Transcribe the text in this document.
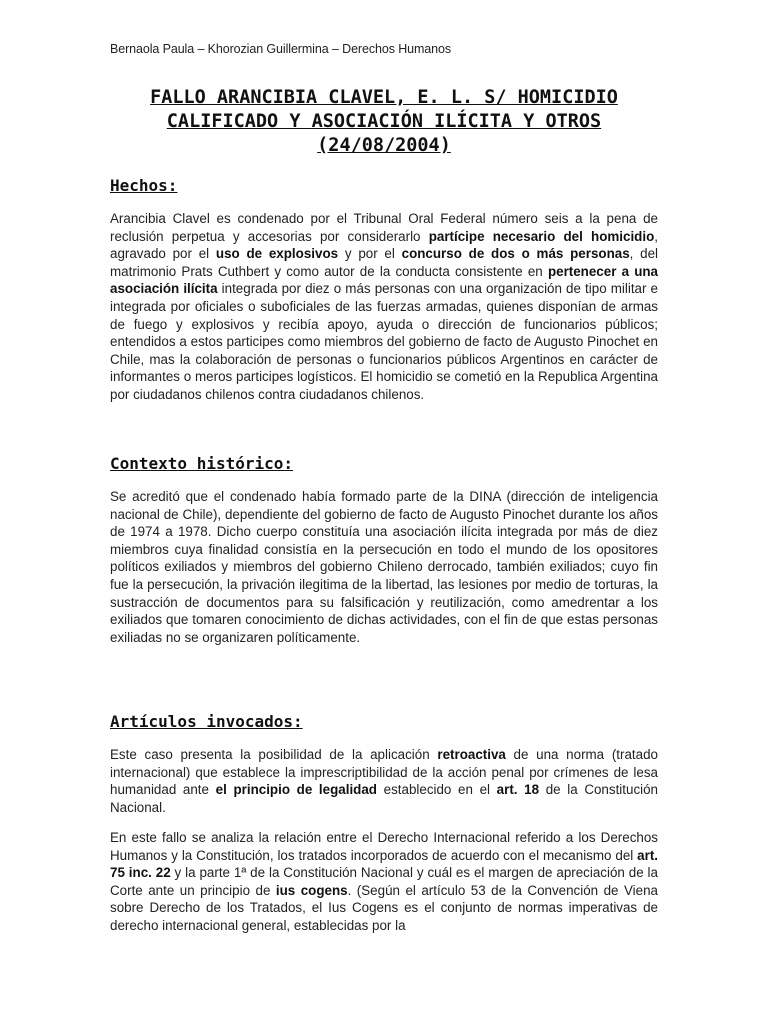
Bernaola Paula – Khorozian Guillermina – Derechos Humanos
FALLO ARANCIBIA CLAVEL, E. L. S/ HOMICIDIO CALIFICADO Y ASOCIACIÓN ILÍCITA Y OTROS (24/08/2004)
Hechos:

Arancibia Clavel es condenado por el Tribunal Oral Federal número seis a la pena de reclusión perpetua y accesorias por considerarlo partícipe necesario del homicidio, agravado por el uso de explosivos y por el concurso de dos o más personas, del matrimonio Prats Cuthbert y como autor de la conducta consistente en pertenecer a una asociación ilícita integrada por diez o más personas con una organización de tipo militar e integrada por oficiales o suboficiales de las fuerzas armadas, quienes disponían de armas de fuego y explosivos y recibía apoyo, ayuda o dirección de funcionarios públicos; entendidos a estos participes como miembros del gobierno de facto de Augusto Pinochet en Chile, mas la colaboración de personas o funcionarios públicos Argentinos en carácter de informantes o meros participes logísticos. El homicidio se cometió en la Republica Argentina por ciudadanos chilenos contra ciudadanos chilenos.

Contexto histórico:

Se acreditó que el condenado había formado parte de la DINA (dirección de inteligencia nacional de Chile), dependiente del gobierno de facto de Augusto Pinochet durante los años de 1974 a 1978. Dicho cuerpo constituía una asociación ilícita integrada por más de diez miembros cuya finalidad consistía en la persecución en todo el mundo de los opositores políticos exiliados y miembros del gobierno Chileno derrocado, también exiliados; cuyo fin fue la persecución, la privación ilegitima de la libertad, las lesiones por medio de torturas, la sustracción de documentos para su falsificación y reutilización, como amedrentar a los exiliados que tomaren conocimiento de dichas actividades, con el fin de que estas personas exiliadas no se organizaren políticamente.

Artículos invocados:

Este caso presenta la posibilidad de la aplicación retroactiva de una norma (tratado internacional) que establece la imprescriptibilidad de la acción penal por crímenes de lesa humanidad ante el principio de legalidad establecido en el art. 18 de la Constitución Nacional.

En este fallo se analiza la relación entre el Derecho Internacional referido a los Derechos Humanos y la Constitución, los tratados incorporados de acuerdo con el mecanismo del art. 75 inc. 22 y la parte 1ª de la Constitución Nacional y cuál es el margen de apreciación de la Corte ante un principio de ius cogens. (Según el artículo 53 de la Convención de Viena sobre Derecho de los Tratados, el Ius Cogens es el conjunto de normas imperativas de derecho internacional general, establecidas por la
